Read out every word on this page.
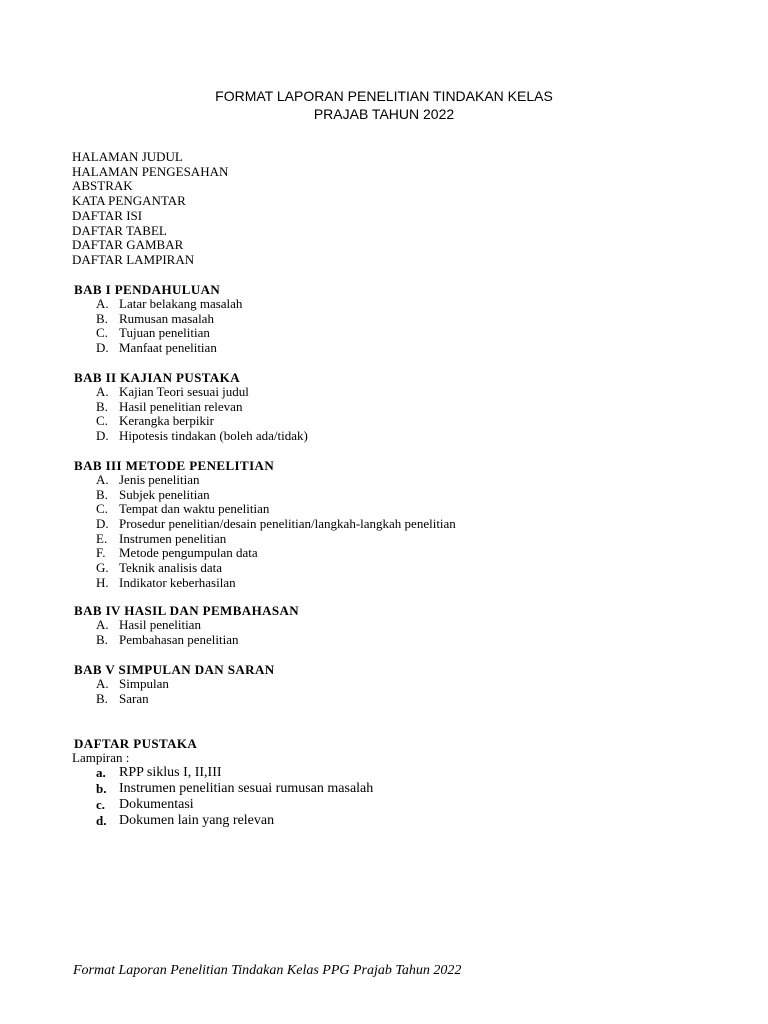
FORMAT LAPORAN PENELITIAN TINDAKAN KELAS
PRAJAB TAHUN 2022
HALAMAN JUDUL
HALAMAN PENGESAHAN
ABSTRAK
KATA PENGANTAR
DAFTAR ISI
DAFTAR TABEL
DAFTAR GAMBAR
DAFTAR LAMPIRAN
BAB I PENDAHULUAN
A. Latar belakang masalah
B. Rumusan masalah
C. Tujuan penelitian
D. Manfaat penelitian
BAB II KAJIAN PUSTAKA
A. Kajian Teori sesuai judul
B. Hasil penelitian relevan
C. Kerangka berpikir
D. Hipotesis tindakan (boleh ada/tidak)
BAB III METODE PENELITIAN
A. Jenis penelitian
B. Subjek penelitian
C. Tempat dan waktu penelitian
D. Prosedur penelitian/desain penelitian/langkah-langkah penelitian
E. Instrumen penelitian
F.	Metode pengumpulan data
G. Teknik analisis data
H. Indikator keberhasilan
BAB IV HASIL DAN PEMBAHASAN
A. Hasil penelitian
B. Pembahasan penelitian
BAB V SIMPULAN DAN SARAN
A. Simpulan
B. Saran
DAFTAR PUSTAKA
Lampiran :
a. RPP siklus I, II,III
b. Instrumen penelitian sesuai rumusan masalah
c. Dokumentasi
d. Dokumen lain yang relevan
Format Laporan Penelitian Tindakan Kelas PPG Prajab Tahun 2022
